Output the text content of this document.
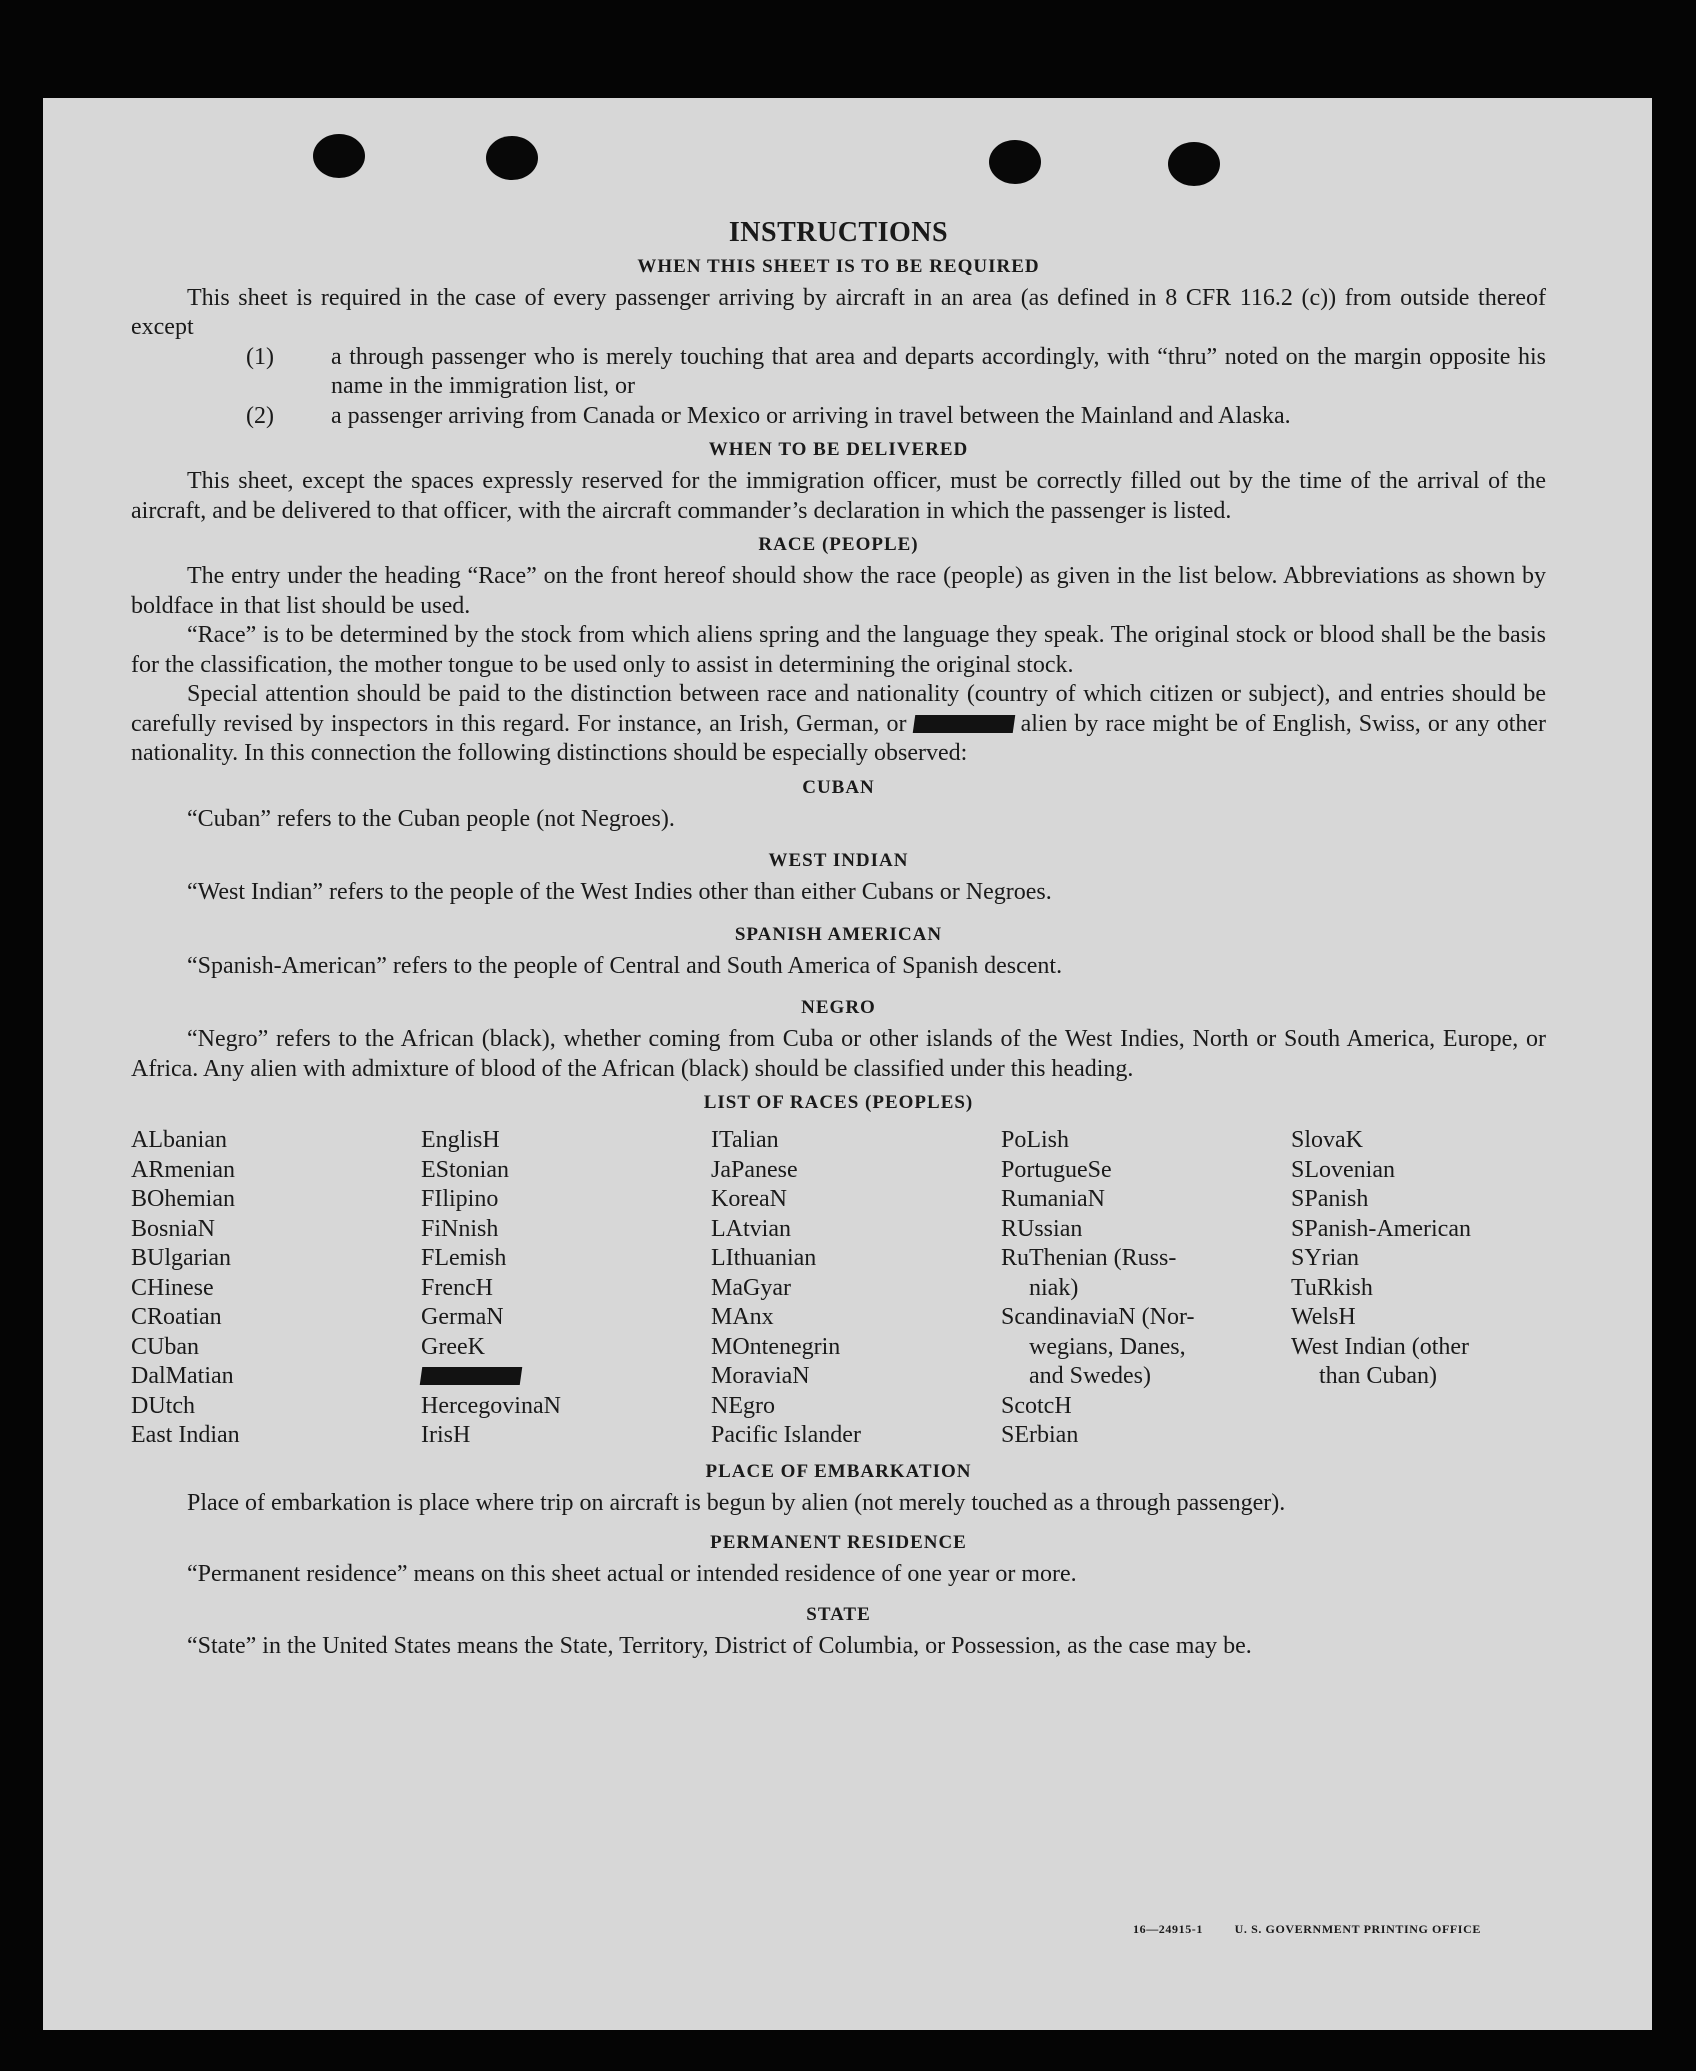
INSTRUCTIONS
WHEN THIS SHEET IS TO BE REQUIRED

This sheet is required in the case of every passenger arriving by aircraft in an area (as defined in 8 CFR 116.2 (c)) from outside thereof except

(1) a through passenger who is merely touching that area and departs accordingly, with “thru” noted on the margin opposite his name in the immigration list, or
(2) a passenger arriving from Canada or Mexico or arriving in travel between the Mainland and Alaska.
WHEN TO BE DELIVERED

This sheet, except the spaces expressly reserved for the immigration officer, must be correctly filled out by the time of the arrival of the aircraft, and be delivered to that officer, with the aircraft commander’s declaration in which the passenger is listed.

RACE (PEOPLE)

The entry under the heading “Race” on the front hereof should show the race (people) as given in the list below. Abbreviations as shown by boldface in that list should be used.

“Race” is to be determined by the stock from which aliens spring and the language they speak. The original stock or blood shall be the basis for the classification, the mother tongue to be used only to assist in determining the original stock.

Special attention should be paid to the distinction between race and nationality (country of which citizen or subject), and entries should be carefully revised by inspectors in this regard. For instance, an Irish, German, or	alien by race might be of English, Swiss, or any other nationality. In this connection the following distinctions should be especially observed:

CUBAN

“Cuban” refers to the Cuban people (not Negroes).

WEST INDIAN

“West Indian” refers to the people of the West Indies other than either Cubans or Negroes.

SPANISH AMERICAN

“Spanish-American” refers to the people of Central and South America of Spanish descent.

NEGRO

“Negro” refers to the African (black), whether coming from Cuba or other islands of the West Indies, North or South America, Europe, or Africa. Any alien with admixture of blood of the African (black) should be classified under this heading.

LIST OF RACES (PEOPLES)
ALbanian
ARmenian
BOhemian
BosniaN
BUlgarian
CHinese
CRoatian
CUban
DalMatian
DUtch
East Indian
EnglisH
EStonian
FIlipino
FiNnish
FLemish
FrencH
GermaN
GreeK
HercegovinaN
IrisH
ITalian
JaPanese
KoreaN
LAtvian
LIthuanian
MaGyar
MAnx
MOntenegrin
MoraviaN
NEgro
Pacific Islander
PoLish
PortugueSe
RumaniaN
RUssian
RuThenian (Russ-
niak)
ScandinaviaN (Nor-
wegians, Danes,
and Swedes)
ScotcH
SErbian
SlovaK
SLovenian
SPanish
SPanish-American
SYrian
TuRkish
WelsH
West Indian (other
than Cuban)
PLACE OF EMBARKATION

Place of embarkation is place where trip on aircraft is begun by alien (not merely touched as a through passenger).

PERMANENT RESIDENCE

“Permanent residence” means on this sheet actual or intended residence of one year or more.

STATE

“State” in the United States means the State, Territory, District of Columbia, or Possession, as the case may be.

16—24915-1	U. S. GOVERNMENT PRINTING OFFICE
